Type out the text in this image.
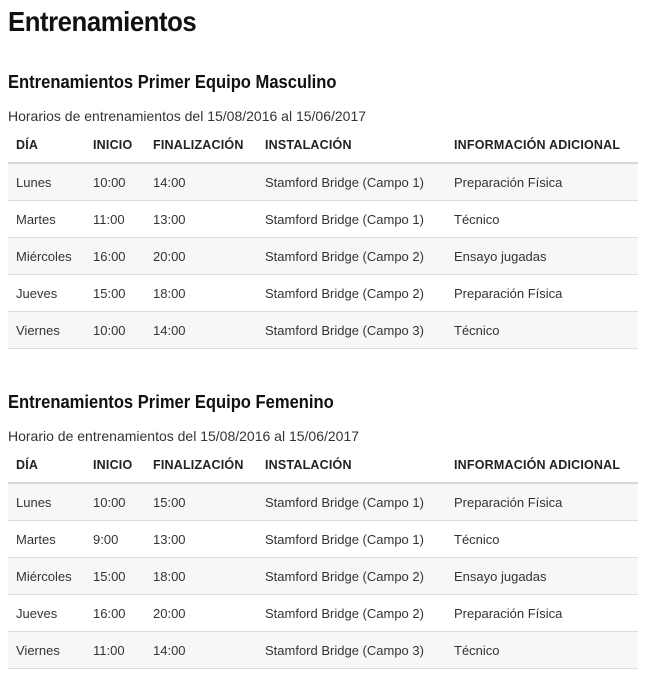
Entrenamientos
Entrenamientos Primer Equipo Masculino
Horarios de entrenamientos del 15/08/2016 al 15/06/2017
DÍA	INICIO	FINALIZACIÓN	INSTALACIÓN	INFORMACIÓN ADICIONAL
Lunes	10:00	14:00	Stamford Bridge (Campo 1)	Preparación Física
Martes	11:00	13:00	Stamford Bridge (Campo 1)	Técnico
Miércoles	16:00	20:00	Stamford Bridge (Campo 2)	Ensayo jugadas
Jueves	15:00	18:00	Stamford Bridge (Campo 2)	Preparación Física
Viernes	10:00	14:00	Stamford Bridge (Campo 3)	Técnico
Entrenamientos Primer Equipo Femenino
Horario de entrenamientos del 15/08/2016 al 15/06/2017
DÍA	INICIO	FINALIZACIÓN	INSTALACIÓN	INFORMACIÓN ADICIONAL
Lunes	10:00	15:00	Stamford Bridge (Campo 1)	Preparación Física
Martes	9:00	13:00	Stamford Bridge (Campo 1)	Técnico
Miércoles	15:00	18:00	Stamford Bridge (Campo 2)	Ensayo jugadas
Jueves	16:00	20:00	Stamford Bridge (Campo 2)	Preparación Física
Viernes	11:00	14:00	Stamford Bridge (Campo 3)	Técnico
